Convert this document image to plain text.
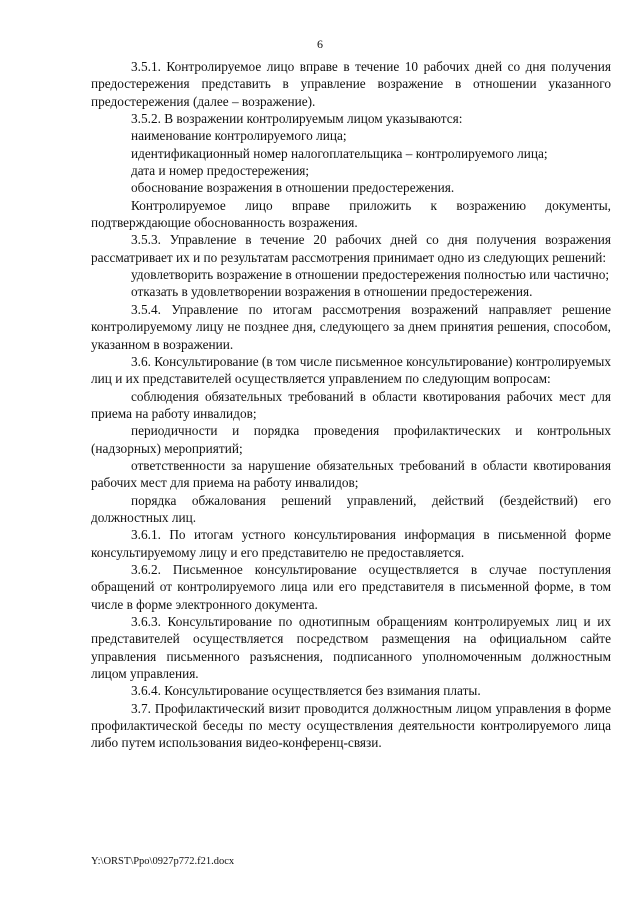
6

3.5.1. Контролируемое лицо вправе в течение 10 рабочих дней со дня получения предостережения представить в управление возражение в отношении указанного предостережения (далее – возражение).

3.5.2. В возражении контролируемым лицом указываются:

наименование контролируемого лица;

идентификационный номер налогоплательщика – контролируемого лица;

дата и номер предостережения;

обоснование возражения в отношении предостережения.

Контролируемое лицо вправе приложить к возражению документы, подтверждающие обоснованность возражения.

3.5.3. Управление в течение 20 рабочих дней со дня получения возражения рассматривает их и по результатам рассмотрения принимает одно из следующих решений:

удовлетворить возражение в отношении предостережения полностью или частично;

отказать в удовлетворении возражения в отношении предостережения.

3.5.4. Управление по итогам рассмотрения возражений направляет решение контролируемому лицу не позднее дня, следующего за днем принятия решения, способом, указанном в возражении.

3.6. Консультирование (в том числе письменное консультирование) контролируемых лиц и их представителей осуществляется управлением по следующим вопросам:

соблюдения обязательных требований в области квотирования рабочих мест для приема на работу инвалидов;

периодичности и порядка проведения профилактических и контрольных (надзорных) мероприятий;

ответственности за нарушение обязательных требований в области квотирования рабочих мест для приема на работу инвалидов;

порядка обжалования решений управлений, действий (бездействий) его должностных лиц.

3.6.1. По итогам устного консультирования информация в письменной форме консультируемому лицу и его представителю не предоставляется.

3.6.2. Письменное консультирование осуществляется в случае поступления обращений от контролируемого лица или его представителя в письменной форме, в том числе в форме электронного документа.

3.6.3. Консультирование по однотипным обращениям контролируемых лиц и их представителей осуществляется посредством размещения на официальном сайте управления письменного разъяснения, подписанного уполномоченным должностным лицом управления.

3.6.4. Консультирование осуществляется без взимания платы.

3.7. Профилактический визит проводится должностным лицом управления в форме профилактической беседы по месту осуществления деятельности контролируемого лица либо путем использования видео-конференц-связи.

Y:\ORST\Ppo\0927p772.f21.docx
